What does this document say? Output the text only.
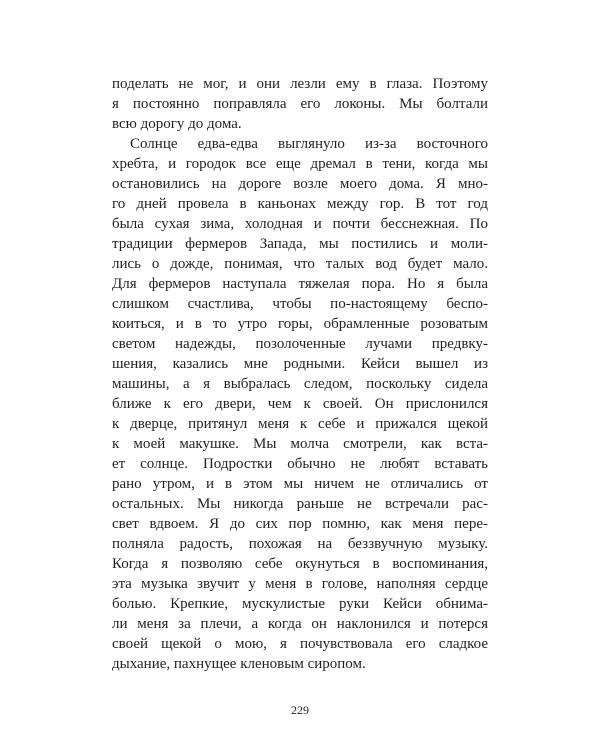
поделать не мог, и они лезли ему в глаза. Поэтому
я постоянно поправляла его локоны. Мы болтали
всю дорогу до дома.
Солнце едва-едва выглянуло из-за восточного
хребта, и городок все еще дремал в тени, когда мы
остановились на дороге возле моего дома. Я мно-
го дней провела в каньонах между гор. В тот год
была сухая зима, холодная и почти бесснежная. По
традиции фермеров Запада, мы постились и моли-
лись о дожде, понимая, что талых вод будет мало.
Для фермеров наступала тяжелая пора. Но я была
слишком счастлива, чтобы по-настоящему беспо-
коиться, и в то утро горы, обрамленные розоватым
светом надежды, позолоченные лучами предвку-
шения, казались мне родными. Кейси вышел из
машины, а я выбралась следом, поскольку сидела
ближе к его двери, чем к своей. Он прислонился
к дверце, притянул меня к себе и прижался щекой
к моей макушке. Мы молча смотрели, как вста-
ет солнце. Подростки обычно не любят вставать
рано утром, и в этом мы ничем не отличались от
остальных. Мы никогда раньше не встречали рас-
свет вдвоем. Я до сих пор помню, как меня пере-
полняла радость, похожая на беззвучную музыку.
Когда я позволяю себе окунуться в воспоминания,
эта музыка звучит у меня в голове, наполняя сердце
болью. Крепкие, мускулистые руки Кейси обнима-
ли меня за плечи, а когда он наклонился и потерся
своей щекой о мою, я почувствовала его сладкое
дыхание, пахнущее кленовым сиропом.
229
